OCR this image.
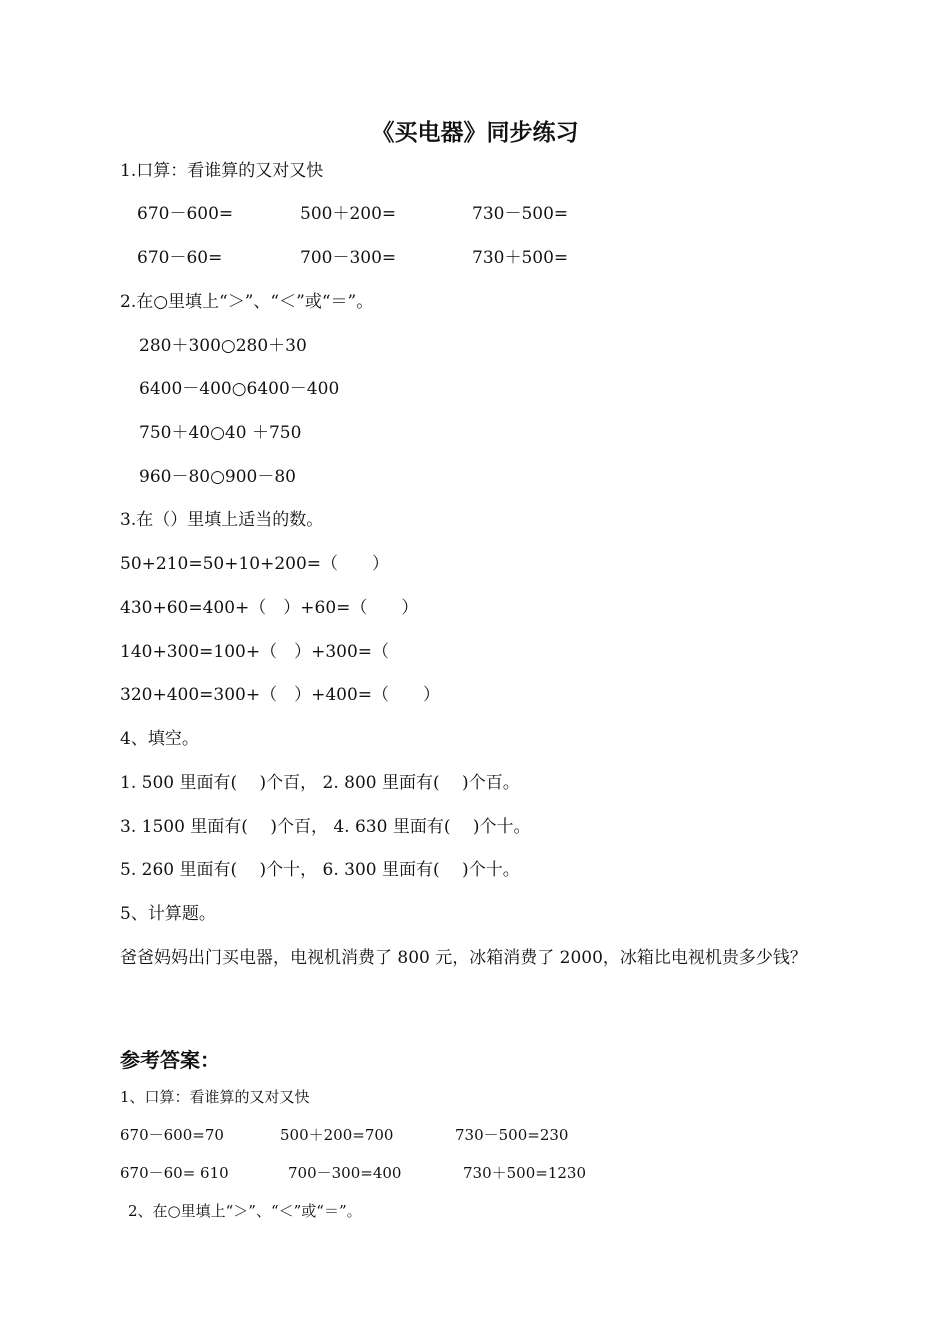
《买电器》同步练习
1.口算：看谁算的又对又快
670－600=	500＋200=	730－500=
670－60=	700－300=	730＋500=
2.在○里填上“＞”、“＜”或“＝”。
280＋300○280＋30
6400－400○6400－400
750＋40○40 ＋750
960－80○900－80
3.在（）里填上适当的数。
50+210=50+10+200=（　　）
430+60=400+（　）+60=（　　）
140+300=100+（　）+300=（
320+400=300+（　）+400=（　　）
4、填空。
1. 500 里面有(　 )个百， 2. 800 里面有(　 )个百。
3. 1500 里面有(　 )个百， 4. 630 里面有(　 )个十。
5. 260 里面有(　 )个十， 6. 300 里面有(　 )个十。
5、计算题。
爸爸妈妈出门买电器，电视机消费了 800 元，冰箱消费了 2000，冰箱比电视机贵多少钱？
参考答案：
1、口算：看谁算的又对又快
670－600=70	500＋200=700	730－500=230
670－60= 610	700－300=400	730＋500=1230
2、在○里填上“＞”、“＜”或“＝”。
